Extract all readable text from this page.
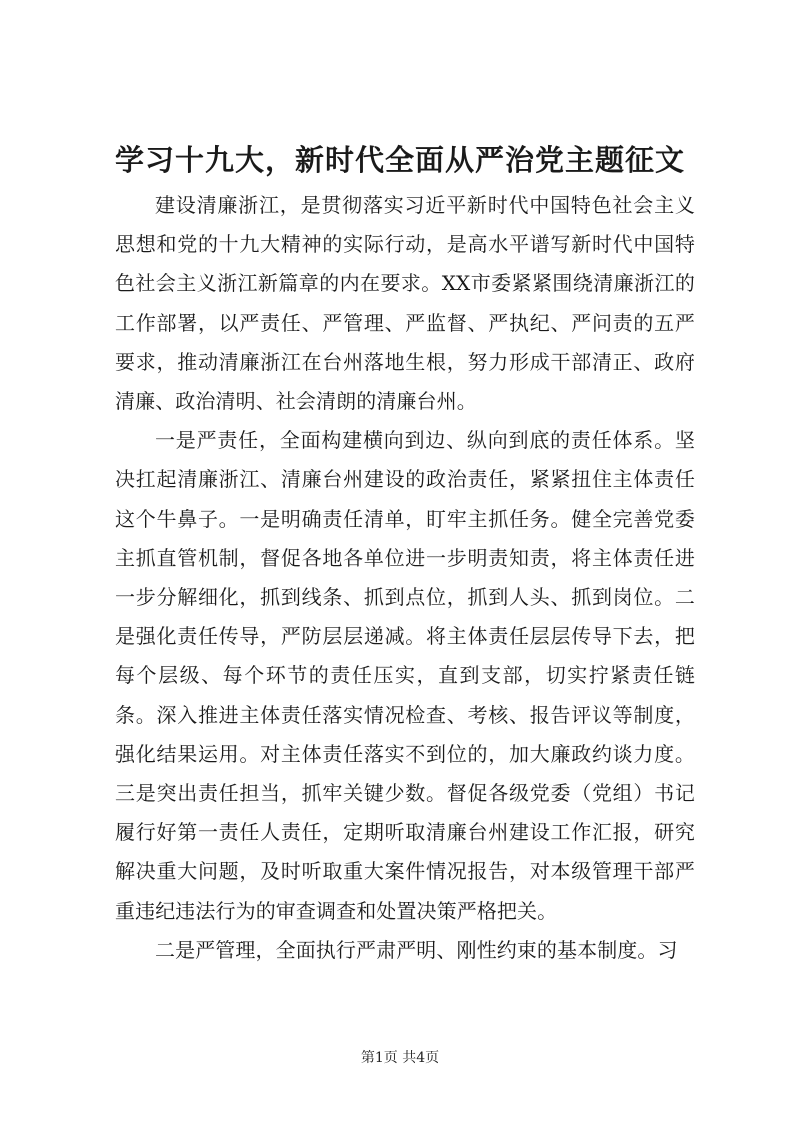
学习十九大，新时代全面从严治党主题征文

建设清廉浙江，是贯彻落实习近平新时代中国特色社会主义思想和党的十九大精神的实际行动，是高水平谱写新时代中国特色社会主义浙江新篇章的内在要求。XX市委紧紧围绕清廉浙江的工作部署，以严责任、严管理、严监督、严执纪、严问责的五严要求，推动清廉浙江在台州落地生根，努力形成干部清正、政府清廉、政治清明、社会清朗的清廉台州。

一是严责任，全面构建横向到边、纵向到底的责任体系。坚决扛起清廉浙江、清廉台州建设的政治责任，紧紧扭住主体责任这个牛鼻子。一是明确责任清单，盯牢主抓任务。健全完善党委主抓直管机制，督促各地各单位进一步明责知责，将主体责任进一步分解细化，抓到线条、抓到点位，抓到人头、抓到岗位。二是强化责任传导，严防层层递减。将主体责任层层传导下去，把每个层级、每个环节的责任压实，直到支部，切实拧紧责任链条。深入推进主体责任落实情况检查、考核、报告评议等制度，强化结果运用。对主体责任落实不到位的，加大廉政约谈力度。三是突出责任担当，抓牢关键少数。督促各级党委（党组）书记履行好第一责任人责任，定期听取清廉台州建设工作汇报，研究解决重大问题，及时听取重大案件情况报告，对本级管理干部严重违纪违法行为的审查调查和处置决策严格把关。

二是严管理，全面执行严肃严明、刚性约束的基本制度。习

第1页 共4页
